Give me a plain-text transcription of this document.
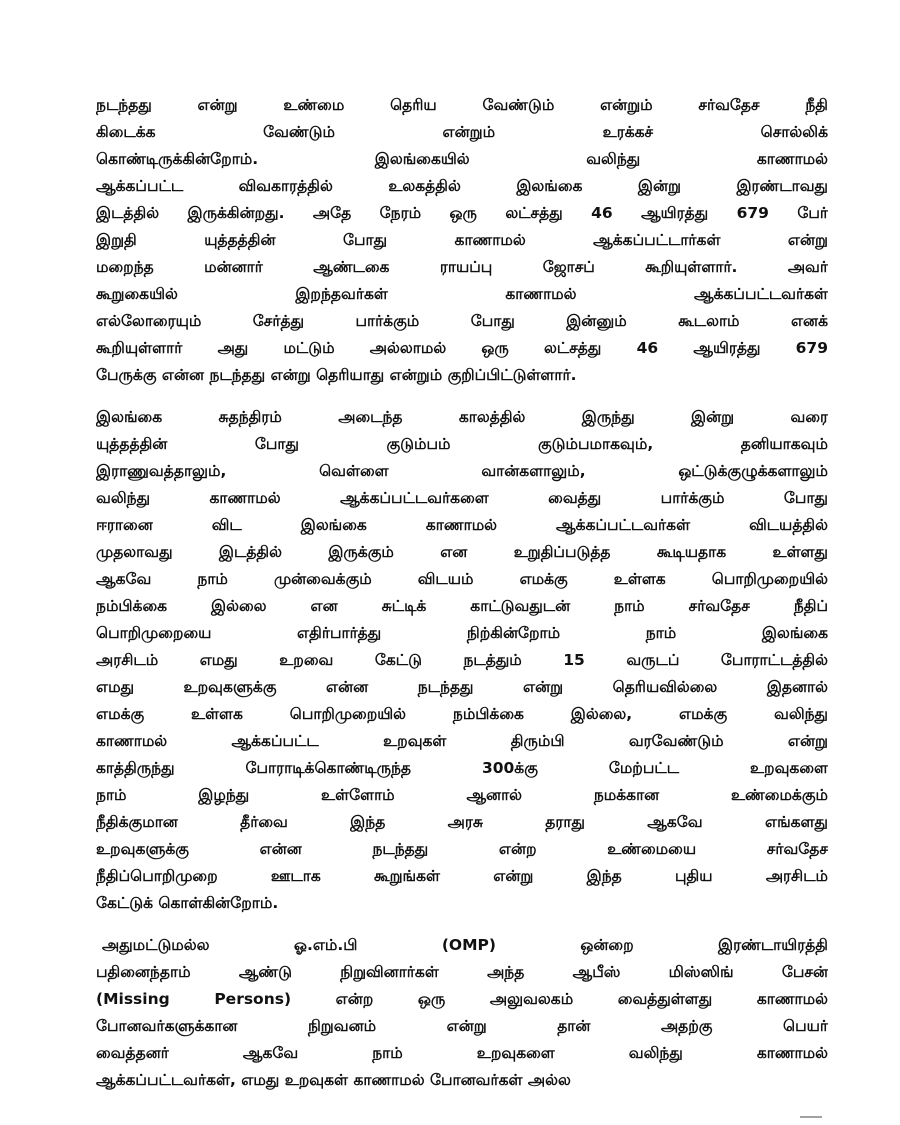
நடந்தது என்று உண்மை தெரிய வேண்டும் என்றும் சர்வதேச நீதி
கிடைக்க வேண்டும் என்றும் உரக்கச் சொல்லிக்
கொண்டிருக்கின்றோம். இலங்கையில் வலிந்து காணாமல்
ஆக்கப்பட்ட விவகாரத்தில் உலகத்தில் இலங்கை இன்று இரண்டாவது
இடத்தில் இருக்கின்றது. அதே நேரம் ஒரு லட்சத்து 46 ஆயிரத்து 679 பேர்
இறுதி யுத்தத்தின் போது காணாமல் ஆக்கப்பட்டார்கள் என்று
மறைந்த மன்னார் ஆண்டகை ராயப்பு ஜோசப் கூறியுள்ளார். அவர்
கூறுகையில் இறந்தவர்கள் காணாமல் ஆக்கப்பட்டவர்கள்
எல்லோரையும் சேர்த்து பார்க்கும் போது இன்னும் கூடலாம் எனக்
கூறியுள்ளார் அது மட்டும் அல்லாமல் ஒரு லட்சத்து 46 ஆயிரத்து 679
பேருக்கு என்ன நடந்தது என்று தெரியாது என்றும் குறிப்பிட்டுள்ளார்.
இலங்கை சுதந்திரம் அடைந்த காலத்தில் இருந்து இன்று வரை
யுத்தத்தின் போது குடும்பம் குடும்பமாகவும், தனியாகவும்
இராணுவத்தாலும், வெள்ளை வான்களாலும், ஒட்டுக்குழுக்களாலும்
வலிந்து காணாமல் ஆக்கப்பட்டவர்களை வைத்து பார்க்கும் போது
ஈரானை விட இலங்கை காணாமல் ஆக்கப்பட்டவர்கள் விடயத்தில்
முதலாவது இடத்தில் இருக்கும் என உறுதிப்படுத்த கூடியதாக உள்ளது
ஆகவே நாம் முன்வைக்கும் விடயம் எமக்கு உள்ளக பொறிமுறையில்
நம்பிக்கை இல்லை என சுட்டிக் காட்டுவதுடன் நாம் சர்வதேச நீதிப்
பொறிமுறையை எதிர்பார்த்து நிற்கின்றோம் நாம் இலங்கை
அரசிடம் எமது உறவை கேட்டு நடத்தும் 15 வருடப் போராட்டத்தில்
எமது உறவுகளுக்கு என்ன நடந்தது என்று தெரியவில்லை இதனால்
எமக்கு உள்ளக பொறிமுறையில் நம்பிக்கை இல்லை, எமக்கு வலிந்து
காணாமல் ஆக்கப்பட்ட உறவுகள் திரும்பி வரவேண்டும் என்று
காத்திருந்து போராடிக்கொண்டிருந்த 300க்கு மேற்பட்ட உறவுகளை
நாம் இழந்து உள்ளோம் ஆனால் நமக்கான உண்மைக்கும்
நீதிக்குமான தீர்வை இந்த அரசு தராது ஆகவே எங்களது
உறவுகளுக்கு என்ன நடந்தது என்ற உண்மையை சர்வதேச
நீதிப்பொறிமுறை ஊடாக கூறுங்கள் என்று இந்த புதிய அரசிடம்
கேட்டுக் கொள்கின்றோம்.
அதுமட்டுமல்ல ஓ.எம்.பி (OMP) ஒன்றை இரண்டாயிரத்தி
பதினைந்தாம் ஆண்டு நிறுவினார்கள் அந்த ஆபீஸ் மிஸ்ஸிங் பேசன்
(Missing Persons) என்ற ஒரு அலுவலகம் வைத்துள்ளது காணாமல்
போனவர்களுக்கான நிறுவனம் என்று தான் அதற்கு பெயர்
வைத்தனர் ஆகவே நாம் உறவுகளை வலிந்து காணாமல்
ஆக்கப்பட்டவர்கள், எமது உறவுகள் காணாமல் போனவர்கள் அல்ல
